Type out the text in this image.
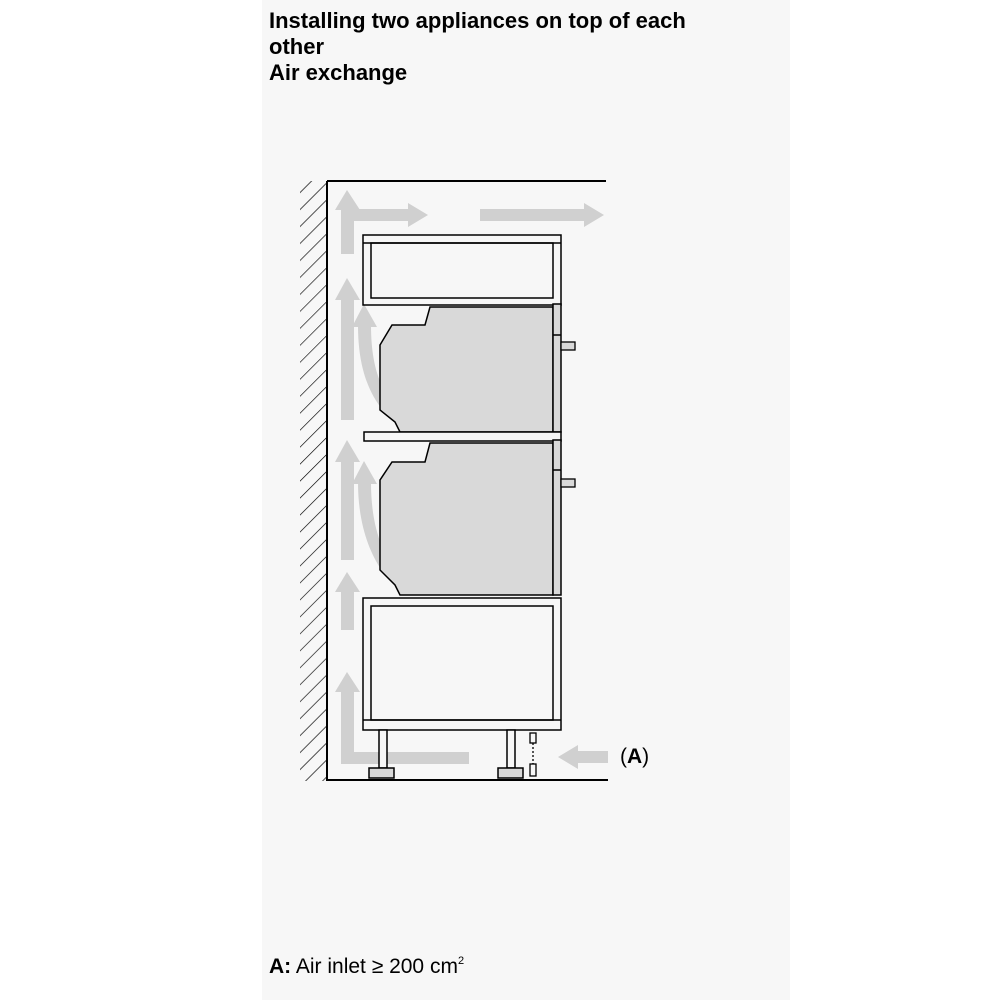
Installing two appliances on top of each
other
Air exchange
(A)
A: Air inlet ≥ 200 $cm^2$
